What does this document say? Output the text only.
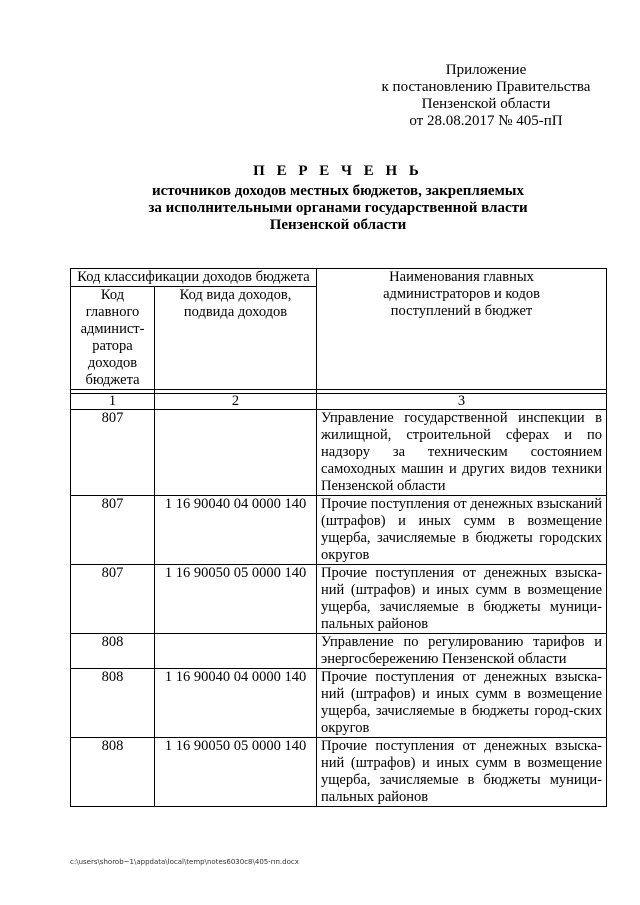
Приложение
к постановлению Правительства
Пензенской области
от 28.08.2017 № 405-пП
П Е Р Е Ч Е Н Ь
источников доходов местных бюджетов, закрепляемых
за исполнительными органами государственной власти
Пензенской области
Код классификации доходов бюджета		Наименования главных администраторов и кодов поступлений в бюджет
Код главного админист-ратора доходов бюджета	Код вида доходов, подвида доходов	

1	2	3
807		Управление государственной инспекции в жилищной, строительной сферах и по надзору за техническим состоянием самоходных машин и других видов техники Пензенской области
807	1 16 90040 04 0000 140	Прочие поступления от денежных взысканий (штрафов) и иных сумм в возмещение ущерба, зачисляемые в бюджеты городских округов
807	1 16 90050 05 0000 140	Прочие поступления от денежных взыска-ний (штрафов) и иных сумм в возмещение ущерба, зачисляемые в бюджеты муници-пальных районов
808		Управление по регулированию тарифов и энергосбережению Пензенской области
808	1 16 90040 04 0000 140	Прочие поступления от денежных взыска-ний (штрафов) и иных сумм в возмещение ущерба, зачисляемые в бюджеты город-ских округов
808	1 16 90050 05 0000 140	Прочие поступления от денежных взыска-ний (штрафов) и иных сумм в возмещение ущерба, зачисляемые в бюджеты муници-пальных районов
c:\users\shorob~1\appdata\local\temp\notes6030c8\405-пп.docx
